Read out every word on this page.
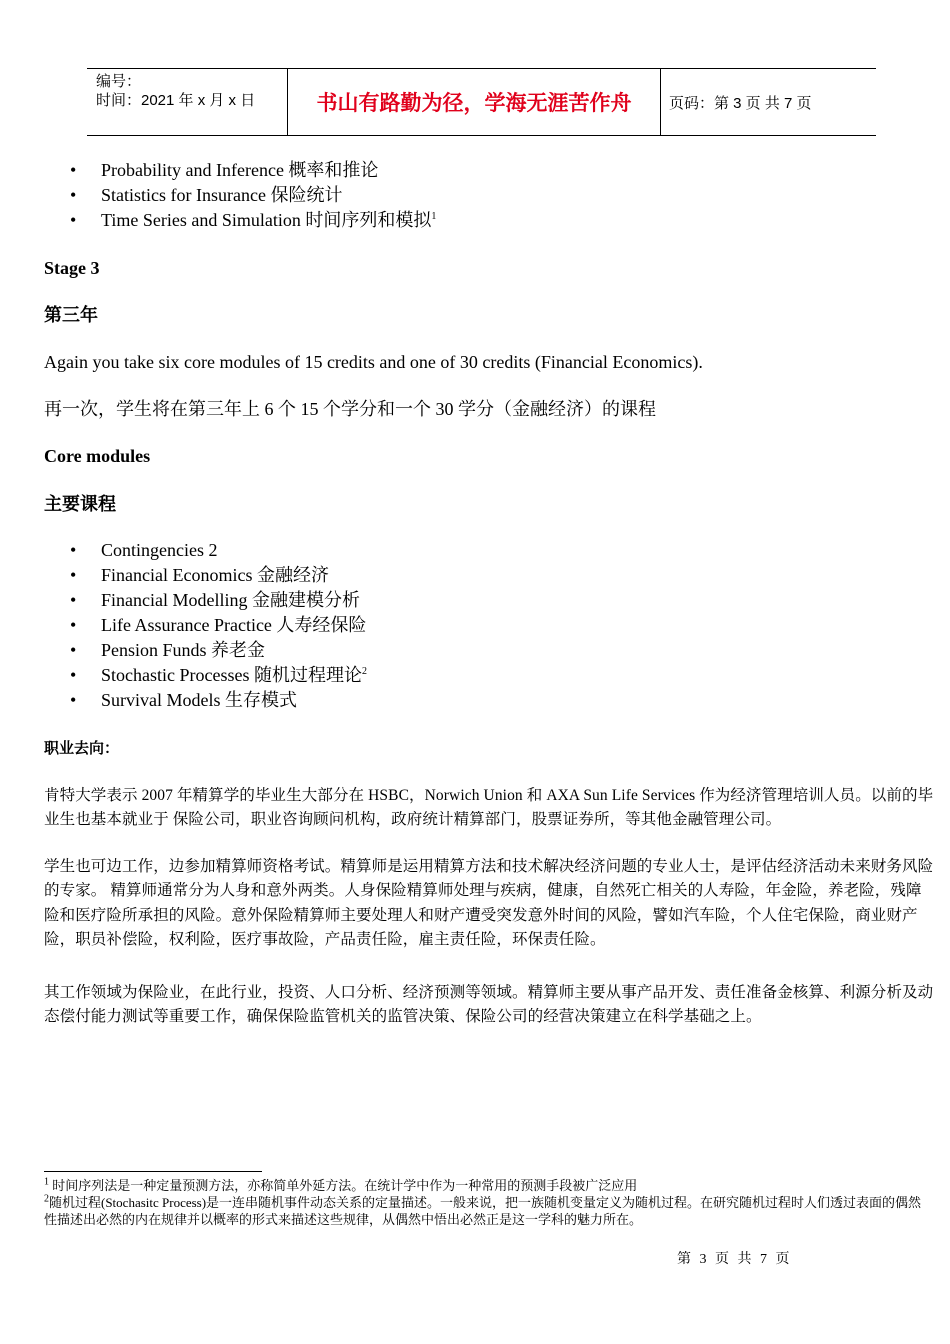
编号：
时间：2021 年 x 月 x 日	书山有路勤为径，学海无涯苦作舟	页码：第 3 页 共 7 页
• Probability and Inference 概率和推论
• Statistics for Insurance 保险统计
• Time Series and Simulation 时间序列和模拟$^1$
Stage 3
第三年
Again you take six core modules of 15 credits and one of 30 credits (Financial Economics).
再一次，学生将在第三年上 6 个 15 个学分和一个 30 学分（金融经济）的课程
Core modules
主要课程
• Contingencies 2
• Financial Economics 金融经济
• Financial Modelling 金融建模分析
• Life Assurance Practice 人寿经保险
• Pension Funds 养老金
• Stochastic Processes 随机过程理论$^2$
• Survival Models 生存模式
职业去向：
肯特大学表示 2007 年精算学的毕业生大部分在 HSBC，Norwich Union 和 AXA Sun Life Services 作为经济管理培训人员。以前的毕业生也基本就业于 保险公司，职业咨询顾问机构，政府统计精算部门，股票证券所，等其他金融管理公司。
学生也可边工作，边参加精算师资格考试。精算师是运用精算方法和技术解决经济问题的专业人士，是评估经济活动未来财务风险的专家。 精算师通常分为人身和意外两类。人身保险精算师处理与疾病，健康，自然死亡相关的人寿险，年金险，养老险，残障险和医疗险所承担的风险。意外保险精算师主要处理人和财产遭受突发意外时间的风险，譬如汽车险，个人住宅保险，商业财产险，职员补偿险，权利险，医疗事故险，产品责任险，雇主责任险，环保责任险。
其工作领域为保险业，在此行业，投资、人口分析、经济预测等领域。精算师主要从事产品开发、责任准备金核算、利源分析及动态偿付能力测试等重要工作，确保保险监管机关的监管决策、保险公司的经营决策建立在科学基础之上。
$^1$ 时间序列法是一种定量预测方法，亦称简单外延方法。在统计学中作为一种常用的预测手段被广泛应用
$^2$随机过程(Stochasitc Process)是一连串随机事件动态关系的定量描述。一般来说，把一族随机变量定义为随机过程。在研究随机过程时人们透过表面的偶然性描述出必然的内在规律并以概率的形式来描述这些规律，从偶然中悟出必然正是这一学科的魅力所在。
第 3 页 共 7 页
